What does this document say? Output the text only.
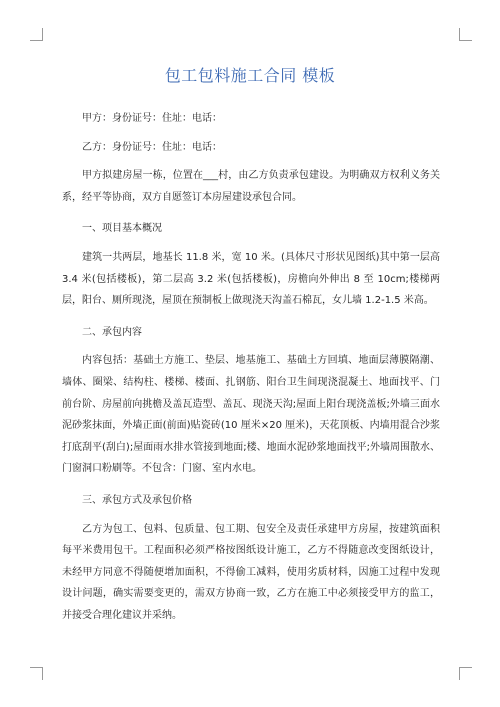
包工包料施工合同 模板

甲方：身份证号：住址：电话：

乙方：身份证号：住址：电话：

甲方拟建房屋一栋，位置在___村，由乙方负责承包建设。为明确双方权利义务关系，经平等协商，双方自愿签订本房屋建设承包合同。

一、项目基本概况

建筑一共两层，地基长 11.8 米，宽 10 米。(具体尺寸形状见图纸)其中第一层高 3.4 米(包括楼板)，第二层高 3.2 米(包括楼板)，房檐向外伸出 8 至 10cm;楼梯两层，阳台、厕所现浇，屋顶在预制板上做现浇天沟盖石棉瓦，女儿墙 1.2-1.5 米高。

二、承包内容

内容包括：基础土方施工、垫层、地基施工、基础土方回填、地面层薄膜隔潮、墙体、圈梁、结构柱、楼梯、楼面、扎钢筋、阳台卫生间现浇混凝土、地面找平、门前台阶、房屋前向挑檐及盖瓦造型、盖瓦、现浇天沟;屋面上阳台现浇盖板;外墙三面水泥砂浆抹面，外墙正面(前面)贴瓷砖(10 厘米×20 厘米)，天花顶板、内墙用混合沙浆打底刮平(刮白);屋面雨水排水管接到地面;楼、地面水泥砂浆地面找平;外墙周围散水、门窗洞口粉刷等。不包含：门窗、室内水电。

三、承包方式及承包价格

乙方为包工、包料、包质量、包工期、包安全及责任承建甲方房屋，按建筑面积每平米费用包干。工程面积必须严格按图纸设计施工，乙方不得随意改变图纸设计，未经甲方同意不得随便增加面积，不得偷工减料，使用劣质材料，因施工过程中发现设计问题，确实需要变更的，需双方协商一致，乙方在施工中必须接受甲方的监工，并接受合理化建议并采纳。
